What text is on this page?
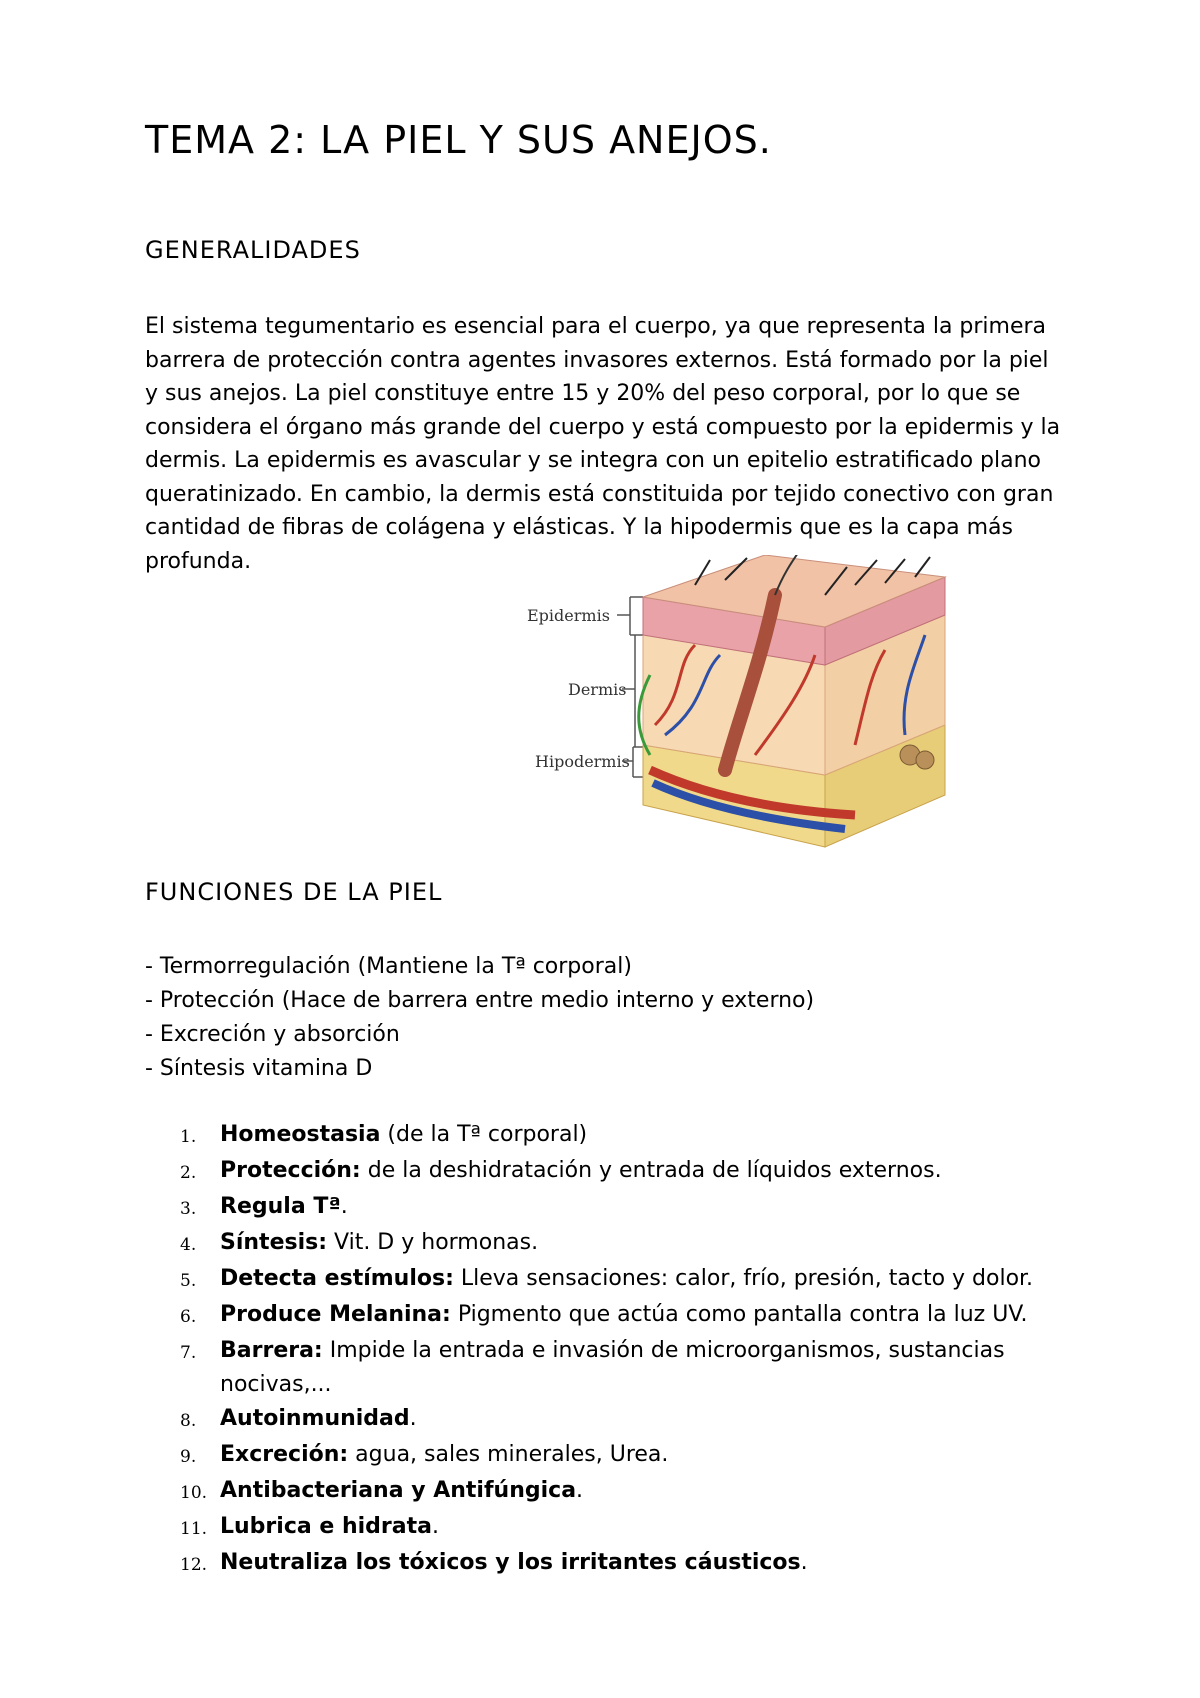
TEMA 2: LA PIEL Y SUS ANEJOS.
GENERALIDADES

El sistema tegumentario es esencial para el cuerpo, ya que representa la primera barrera de protección contra agentes invasores externos. Está formado por la piel y sus anejos. La piel constituye entre 15 y 20% del peso corporal, por lo que se considera el órgano más grande del cuerpo y está compuesto por la epidermis y la dermis. La epidermis es avascular y se integra con un epitelio estratificado plano queratinizado. En cambio, la dermis está constituida por tejido conectivo con gran cantidad de fibras de colágena y elásticas. Y la hipodermis que es la capa más profunda.

Epidermis
Dermis
Hipodermis
FUNCIONES DE LA PIEL
- Termorregulación (Mantiene la Tª corporal)
- Protección (Hace de barrera entre medio interno y externo)
- Excreción y absorción
- Síntesis vitamina D
1.	Homeostasia (de la Tª corporal)
2.	Protección: de la deshidratación y entrada de líquidos externos.
3.	Regula Tª.
4.	Síntesis: Vit. D y hormonas.
5.	Detecta estímulos: Lleva sensaciones: calor, frío, presión, tacto y dolor.
6.	Produce Melanina: Pigmento que actúa como pantalla contra la luz UV.
7.	Barrera: Impide la entrada e invasión de microorganismos, sustancias nocivas,...
8.	Autoinmunidad.
9.	Excreción: agua, sales minerales, Urea.
10. Antibacteriana y Antifúngica.
11. Lubrica e hidrata.
12. Neutraliza los tóxicos y los irritantes cáusticos.
